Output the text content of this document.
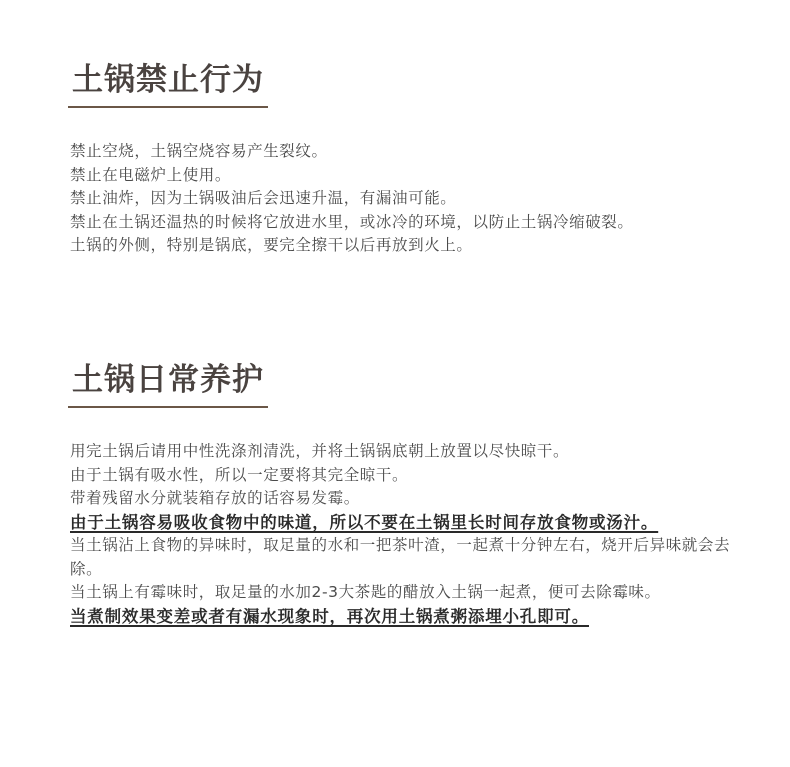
土锅禁止行为

禁止空烧，土锅空烧容易产生裂纹。

禁止在电磁炉上使用。

禁止油炸，因为土锅吸油后会迅速升温，有漏油可能。

禁止在土锅还温热的时候将它放进水里，或冰冷的环境，以防止土锅冷缩破裂。

土锅的外侧，特别是锅底，要完全擦干以后再放到火上。

土锅日常养护

用完土锅后请用中性洗涤剂清洗，并将土锅锅底朝上放置以尽快晾干。

由于土锅有吸水性，所以一定要将其完全晾干。

带着残留水分就装箱存放的话容易发霉。

由于土锅容易吸收食物中的味道，所以不要在土锅里长时间存放食物或汤汁。

当土锅沾上食物的异味时，取足量的水和一把茶叶渣，一起煮十分钟左右，烧开后异味就会去除。

当土锅上有霉味时，取足量的水加2-3大茶匙的醋放入土锅一起煮，便可去除霉味。

当煮制效果变差或者有漏水现象时，再次用土锅煮粥添埋小孔即可。
